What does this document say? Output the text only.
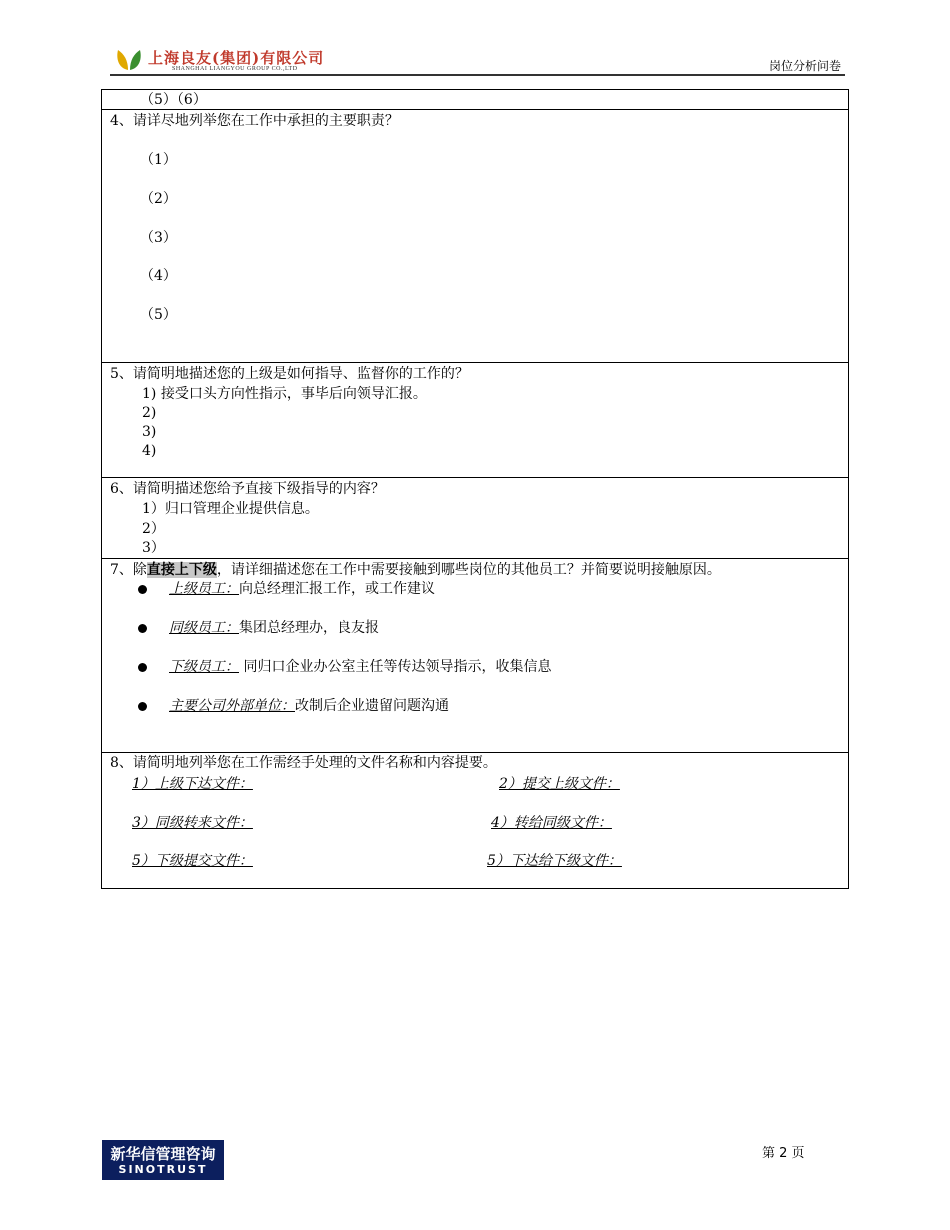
上海良友(集团)有限公司
SHANGHAI LIANGYOU GROUP CO.,LTD	岗位分析问卷
（5）（6）
4、请详尽地列举您在工作中承担的主要职责？
（1）
（2）
（3）
（4）
（5）
5、请简明地描述您的上级是如何指导、监督你的工作的？
1) 接受口头方向性指示，事毕后向领导汇报。
2)
3)
4)
6、请简明描述您给予直接下级指导的内容？
1）归口管理企业提供信息。
2）
3）
7、除直接上下级，请详细描述您在工作中需要接触到哪些岗位的其他员工？并简要说明接触原因。
上级员工：向总经理汇报工作，或工作建议
同级员工：集团总经理办，良友报
下级员工： 同归口企业办公室主任等传达领导指示，收集信息
主要公司外部单位：改制后企业遗留问题沟通
8、请简明地列举您在工作需经手处理的文件名称和内容提要。
1）上级下达文件：	2）提交上级文件：
3）同级转来文件：	4）转给同级文件：
5）下级提交文件：	5）下达给下级文件：
新华信管理咨询
SINOTRUST
第 2 页
